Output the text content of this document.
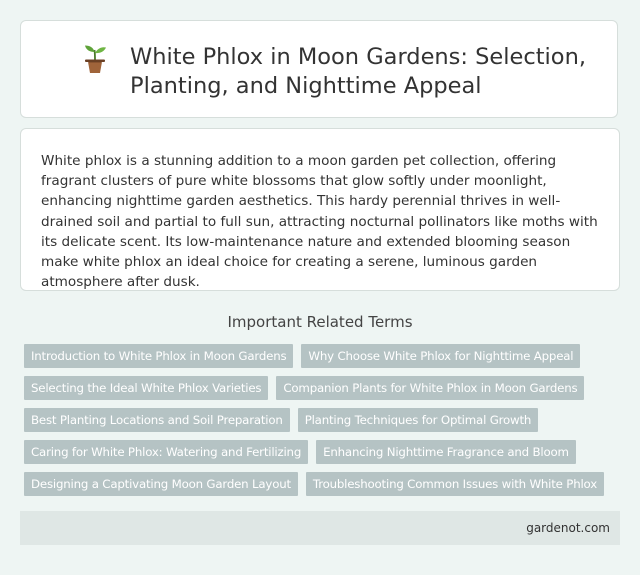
White Phlox in Moon Gardens: Selection, Planting, and Nighttime Appeal

White phlox is a stunning addition to a moon garden pet collection, offering fragrant clusters of pure white blossoms that glow softly under moonlight, enhancing nighttime garden aesthetics. This hardy perennial thrives in well-drained soil and partial to full sun, attracting nocturnal pollinators like moths with its delicate scent. Its low-maintenance nature and extended blooming season make white phlox an ideal choice for creating a serene, luminous garden atmosphere after dusk.

Important Related Terms
Introduction to White Phlox in Moon Gardens	Why Choose White Phlox for Nighttime Appeal
Selecting the Ideal White Phlox Varieties	Companion Plants for White Phlox in Moon Gardens
Best Planting Locations and Soil Preparation	Planting Techniques for Optimal Growth
Caring for White Phlox: Watering and Fertilizing	Enhancing Nighttime Fragrance and Bloom
Designing a Captivating Moon Garden Layout	Troubleshooting Common Issues with White Phlox
gardenot.com
